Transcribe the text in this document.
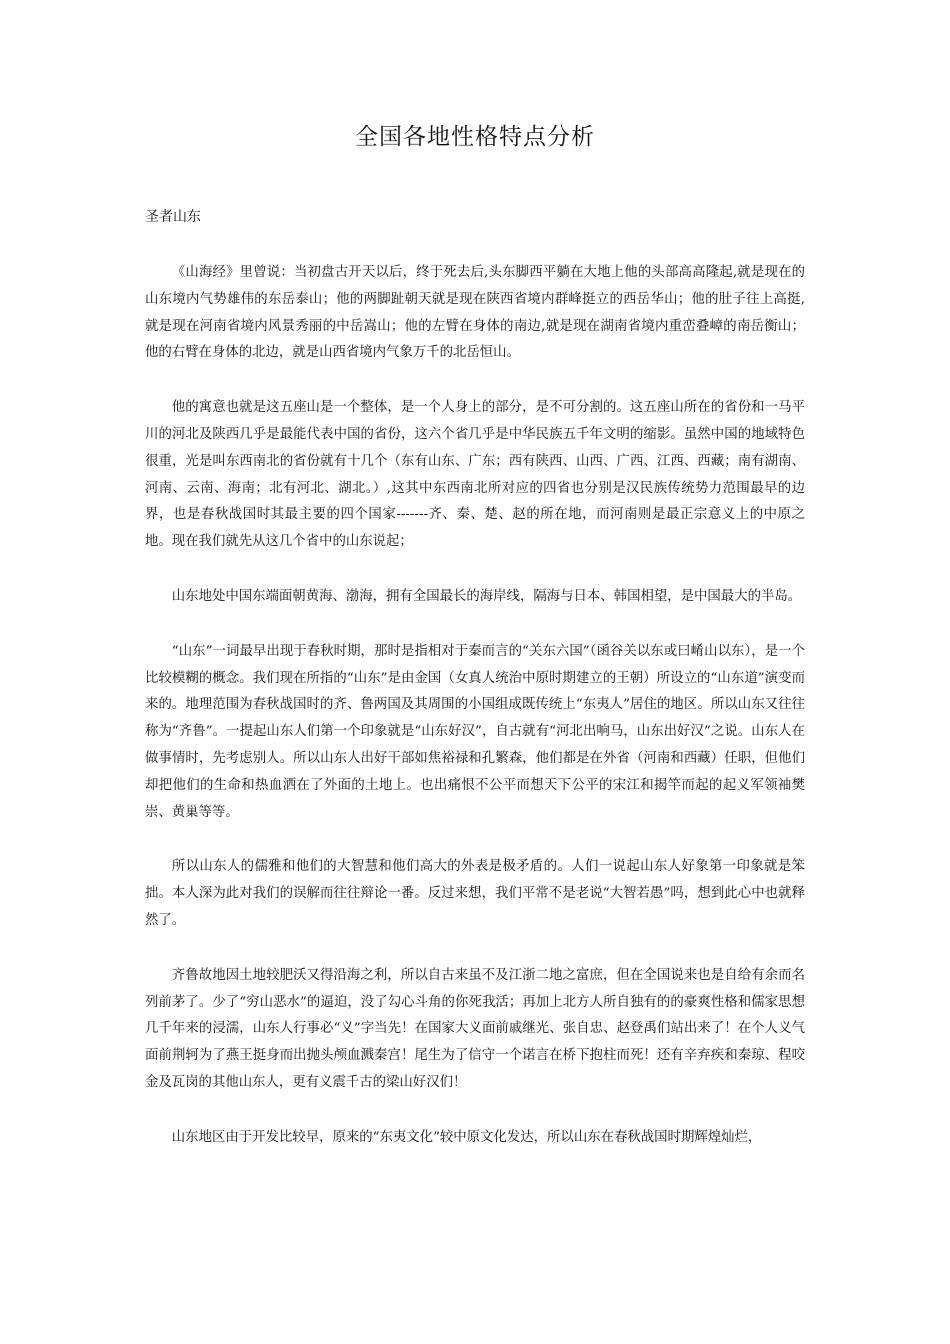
全国各地性格特点分析
圣者山东

《山海经》里曾说：当初盘古开天以后，终于死去后,头东脚西平躺在大地上他的头部高高隆起,就是现在的山东境内气势雄伟的东岳泰山；他的两脚趾朝天就是现在陕西省境内群峰挺立的西岳华山；他的肚子往上高挺,就是现在河南省境内风景秀丽的中岳嵩山；他的左臂在身体的南边,就是现在湖南省境内重峦叠嶂的南岳衡山；他的右臂在身体的北边，就是山西省境内气象万千的北岳恒山。

他的寓意也就是这五座山是一个整体，是一个人身上的部分，是不可分割的。这五座山所在的省份和一马平川的河北及陕西几乎是最能代表中国的省份，这六个省几乎是中华民族五千年文明的缩影。虽然中国的地域特色很重，光是叫东西南北的省份就有十几个（东有山东、广东；西有陕西、山西、广西、江西、西藏；南有湖南、河南、云南、海南；北有河北、湖北。）,这其中东西南北所对应的四省也分别是汉民族传统势力范围最早的边界，也是春秋战国时其最主要的四个国家-------齐、秦、楚、赵的所在地，而河南则是最正宗意义上的中原之地。现在我们就先从这几个省中的山东说起；

山东地处中国东端面朝黄海、渤海，拥有全国最长的海岸线，隔海与日本、韩国相望，是中国最大的半岛。

“山东”一词最早出现于春秋时期，那时是指相对于秦而言的“关东六国”（函谷关以东或曰崤山以东），是一个比较模糊的概念。我们现在所指的“山东”是由金国（女真人统治中原时期建立的王朝）所设立的“山东道”演变而来的。地理范围为春秋战国时的齐、鲁两国及其周围的小国组成既传统上“东夷人”居住的地区。所以山东又往往称为“齐鲁”。一提起山东人们第一个印象就是“山东好汉”，自古就有“河北出响马，山东出好汉”之说。山东人在做事情时，先考虑别人。所以山东人出好干部如焦裕禄和孔繁森，他们都是在外省（河南和西藏）任职，但他们却把他们的生命和热血洒在了外面的土地上。也出痛恨不公平而想天下公平的宋江和揭竿而起的起义军领袖樊崇、黄巢等等。

所以山东人的儒雅和他们的大智慧和他们高大的外表是极矛盾的。人们一说起山东人好象第一印象就是笨拙。本人深为此对我们的误解而往往辩论一番。反过来想，我们平常不是老说“大智若愚”吗，想到此心中也就释然了。

齐鲁故地因土地较肥沃又得沿海之利，所以自古来虽不及江浙二地之富庶，但在全国说来也是自给有余而名列前茅了。少了“穷山恶水”的逼迫，没了勾心斗角的你死我活；再加上北方人所自独有的的豪爽性格和儒家思想几千年来的浸濡，山东人行事必“义”字当先！在国家大义面前戚继光、张自忠、赵登禹们站出来了！在个人义气面前荆轲为了燕王挺身而出抛头颅血溅秦宫！尾生为了信守一个诺言在桥下抱柱而死！还有辛弃疾和秦琼、程咬金及瓦岗的其他山东人，更有义震千古的梁山好汉们！

山东地区由于开发比较早，原来的“东夷文化”较中原文化发达，所以山东在春秋战国时期辉煌灿烂，
